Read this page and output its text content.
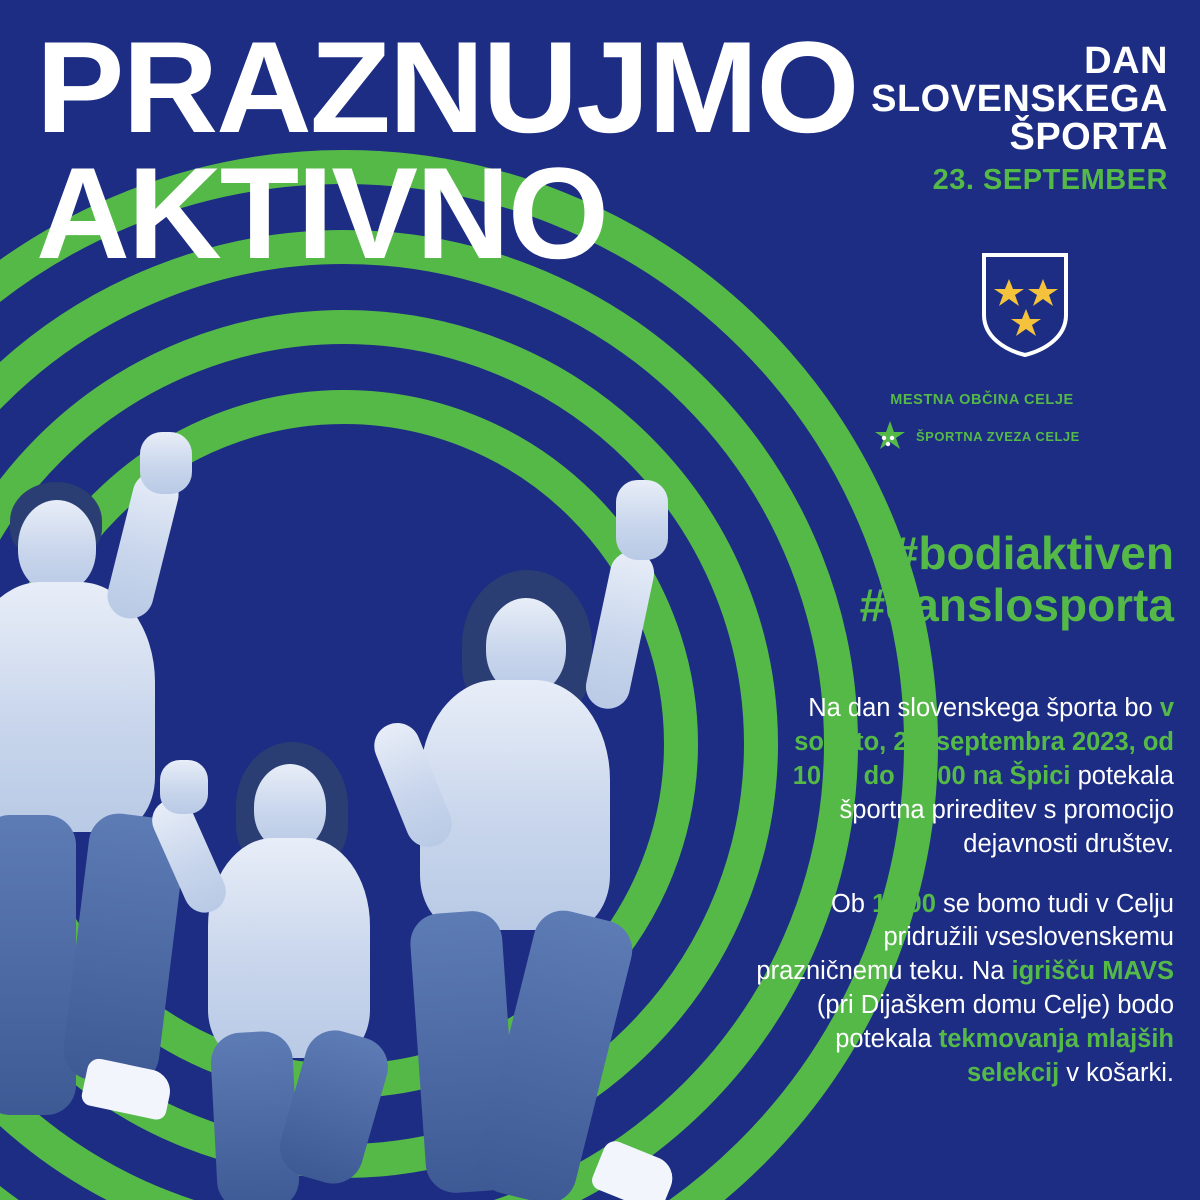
PRAZNUJMO
AKTIVNO
DAN
SLOVENSKEGA
ŠPORTA
23. SEPTEMBER
MESTNA OBČINA CELJE
ŠPORTNA ZVEZA CELJE
#bodiaktiven
#danslosporta

Na dan slovenskega športa bo v soboto, 23. septembra 2023, od 10.00 do 13.00 na Špici potekala športna prireditev s promocijo dejavnosti društev.

Ob 12.00 se bomo tudi v Celju pridružili vseslovenskemu prazničnemu teku. Na igrišču MAVS (pri Dijaškem domu Celje) bodo potekala tekmovanja mlajših selekcij v košarki.
